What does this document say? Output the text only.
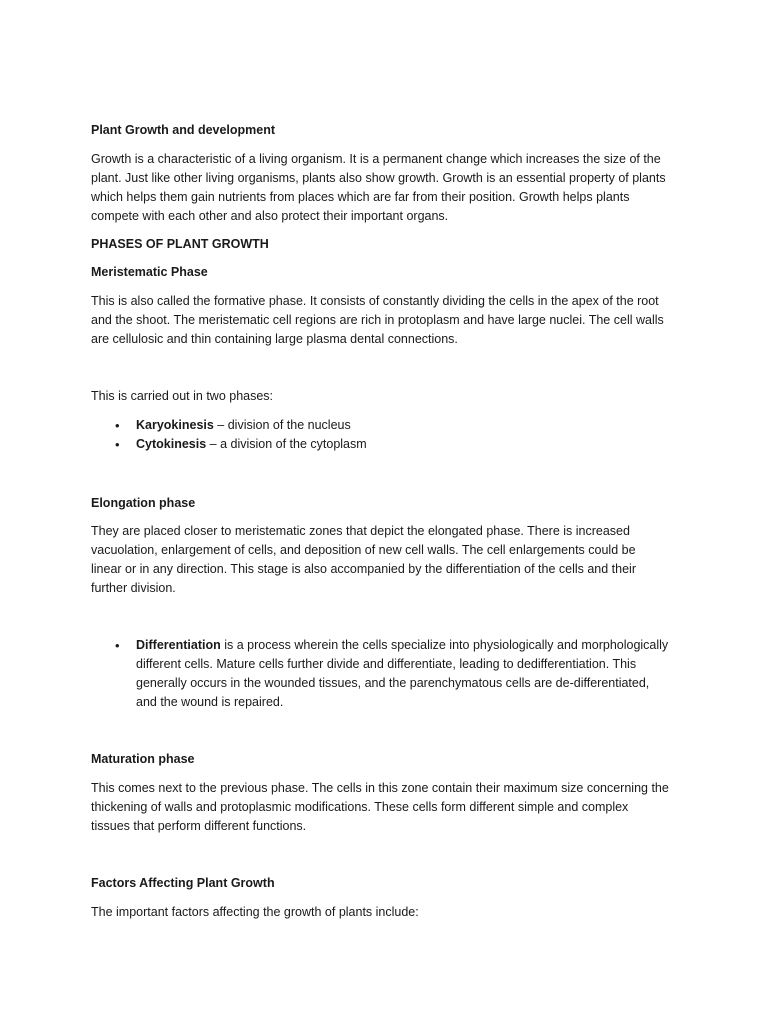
Plant Growth and development

Growth is a characteristic of a living organism. It is a permanent change which increases the size of the
plant. Just like other living organisms, plants also show growth. Growth is an essential property of plants
which helps them gain nutrients from places which are far from their position. Growth helps plants
compete with each other and also protect their important organs.

PHASES OF PLANT GROWTH

Meristematic Phase

This is also called the formative phase. It consists of constantly dividing the cells in the apex of the root
and the shoot. The meristematic cell regions are rich in protoplasm and have large nuclei. The cell walls
are cellulosic and thin containing large plasma dental connections.

This is carried out in two phases:

• Karyokinesis – division of the nucleus
• Cytokinesis – a division of the cytoplasm

Elongation phase

They are placed closer to meristematic zones that depict the elongated phase. There is increased
vacuolation, enlargement of cells, and deposition of new cell walls. The cell enlargements could be
linear or in any direction. This stage is also accompanied by the differentiation of the cells and their
further division.
• Differentiation is a process wherein the cells specialize into physiologically and morphologically
different cells. Mature cells further divide and differentiate, leading to dedifferentiation. This
generally occurs in the wounded tissues, and the parenchymatous cells are de-differentiated,
and the wound is repaired.

Maturation phase

This comes next to the previous phase. The cells in this zone contain their maximum size concerning the
thickening of walls and protoplasmic modifications. These cells form different simple and complex
tissues that perform different functions.

Factors Affecting Plant Growth

The important factors affecting the growth of plants include:
